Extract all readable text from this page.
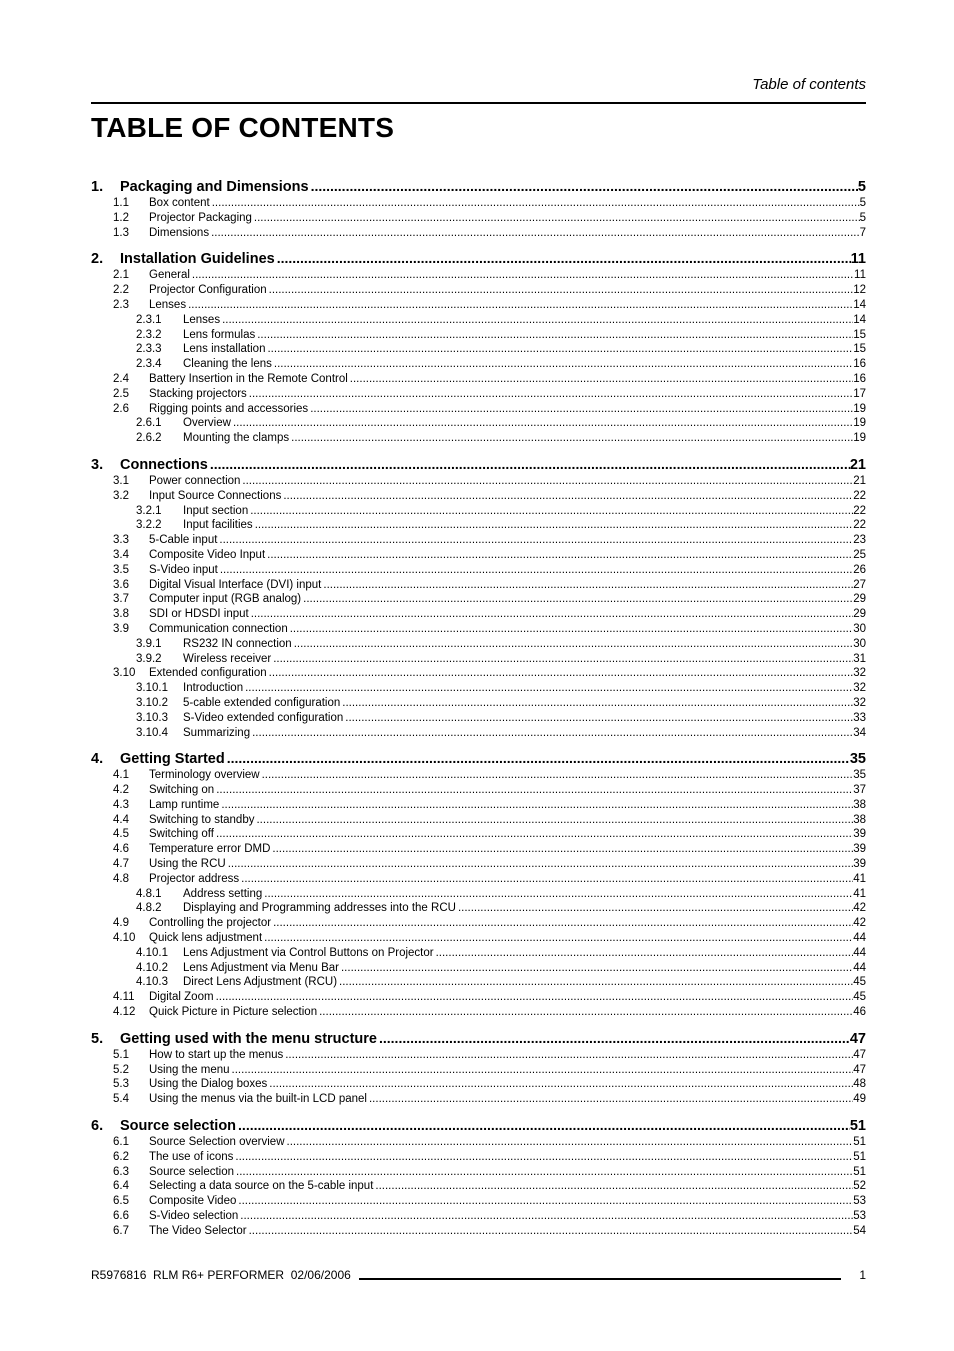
Table of contents
TABLE OF CONTENTS
1.	Packaging and Dimensions .....	5
1.1	Box content .....	5
1.2	Projector Packaging .....	5
1.3	Dimensions .....	7
2.	Installation Guidelines .....	11
2.1	General .....	11
2.2	Projector Configuration .....	12
2.3	Lenses .....	14
2.3.1	Lenses .....	14
2.3.2	Lens formulas .....	15
2.3.3	Lens installation .....	15
2.3.4	Cleaning the lens .....	16
2.4	Battery Insertion in the Remote Control .....	16
2.5	Stacking projectors .....	17
2.6	Rigging points and accessories .....	19
2.6.1	Overview .....	19
2.6.2	Mounting the clamps .....	19
3.	Connections .....	21
3.1	Power connection .....	21
3.2	Input Source Connections .....	22
3.2.1	Input section .....	22
3.2.2	Input facilities .....	22
3.3	5-Cable input .....	23
3.4	Composite Video Input .....	25
3.5	S-Video input .....	26
3.6	Digital Visual Interface (DVI) input .....	27
3.7	Computer input (RGB analog) .....	29
3.8	SDI or HDSDI input .....	29
3.9	Communication connection .....	30
3.9.1	RS232 IN connection .....	30
3.9.2	Wireless receiver .....	31
3.10	Extended configuration .....	32
3.10.1	Introduction .....	32
3.10.2	5-cable extended configuration .....	32
3.10.3	S-Video extended configuration .....	33
3.10.4	Summarizing .....	34
4.	Getting Started .....	35
4.1	Terminology overview .....	35
4.2	Switching on .....	37
4.3	Lamp runtime .....	38
4.4	Switching to standby .....	38
4.5	Switching off .....	39
4.6	Temperature error DMD .....	39
4.7	Using the RCU .....	39
4.8	Projector address .....	41
4.8.1	Address setting .....	41
4.8.2	Displaying and Programming addresses into the RCU .....	42
4.9	Controlling the projector .....	42
4.10	Quick lens adjustment .....	44
4.10.1	Lens Adjustment via Control Buttons on Projector .....	44
4.10.2	Lens Adjustment via Menu Bar .....	44
4.10.3	Direct Lens Adjustment (RCU) .....	45
4.11	Digital Zoom .....	45
4.12	Quick Picture in Picture selection .....	46
5.	Getting used with the menu structure .....	47
5.1	How to start up the menus .....	47
5.2	Using the menu .....	47
5.3	Using the Dialog boxes .....	48
5.4	Using the menus via the built-in LCD panel .....	49
6.	Source selection .....	51
6.1	Source Selection overview .....	51
6.2	The use of icons .....	51
6.3	Source selection .....	51
6.4	Selecting a data source on the 5-cable input .....	52
6.5	Composite Video .....	53
6.6	S-Video selection .....	53
6.7	The Video Selector .....	54
R5976816  RLM R6+ PERFORMER  02/06/2006	1
